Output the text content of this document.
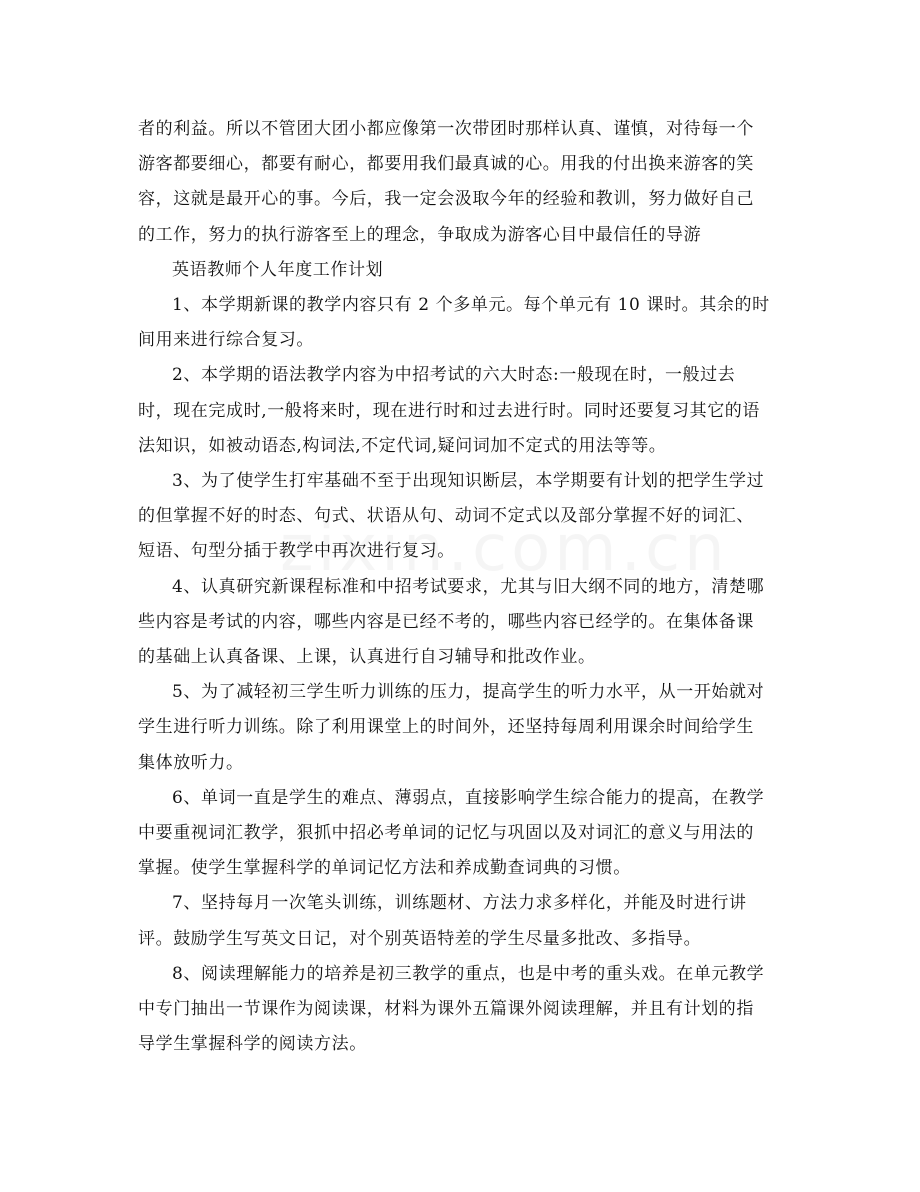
者的利益。所以不管团大团小都应像第一次带团时那样认真、谨慎，对待每一个
游客都要细心，都要有耐心，都要用我们最真诚的心。用我的付出换来游客的笑
容，这就是最开心的事。今后，我一定会汲取今年的经验和教训，努力做好自己
的工作，努力的执行游客至上的理念，争取成为游客心目中最信任的导游

英语教师个人年度工作计划

1、本学期新课的教学内容只有 2 个多单元。每个单元有 10 课时。其余的时
间用来进行综合复习。

2、本学期的语法教学内容为中招考试的六大时态:一般现在时，一般过去
时，现在完成时,一般将来时，现在进行时和过去进行时。同时还要复习其它的语
法知识，如被动语态,构词法,不定代词,疑问词加不定式的用法等等。

3、为了使学生打牢基础不至于出现知识断层，本学期要有计划的把学生学过
的但掌握不好的时态、句式、状语从句、动词不定式以及部分掌握不好的词汇、
短语、句型分插于教学中再次进行复习。

4、认真研究新课程标准和中招考试要求，尤其与旧大纲不同的地方，清楚哪
些内容是考试的内容，哪些内容是已经不考的，哪些内容已经学的。在集体备课
的基础上认真备课、上课，认真进行自习辅导和批改作业。

5、为了减轻初三学生听力训练的压力，提高学生的听力水平，从一开始就对
学生进行听力训练。除了利用课堂上的时间外，还坚持每周利用课余时间给学生
集体放听力。

6、单词一直是学生的难点、薄弱点，直接影响学生综合能力的提高，在教学
中要重视词汇教学，狠抓中招必考单词的记忆与巩固以及对词汇的意义与用法的
掌握。使学生掌握科学的单词记忆方法和养成勤查词典的习惯。

7、坚持每月一次笔头训练，训练题材、方法力求多样化，并能及时进行讲
评。鼓励学生写英文日记，对个别英语特差的学生尽量多批改、多指导。

8、阅读理解能力的培养是初三教学的重点，也是中考的重头戏。在单元教学
中专门抽出一节课作为阅读课，材料为课外五篇课外阅读理解，并且有计划的指
导学生掌握科学的阅读方法。
